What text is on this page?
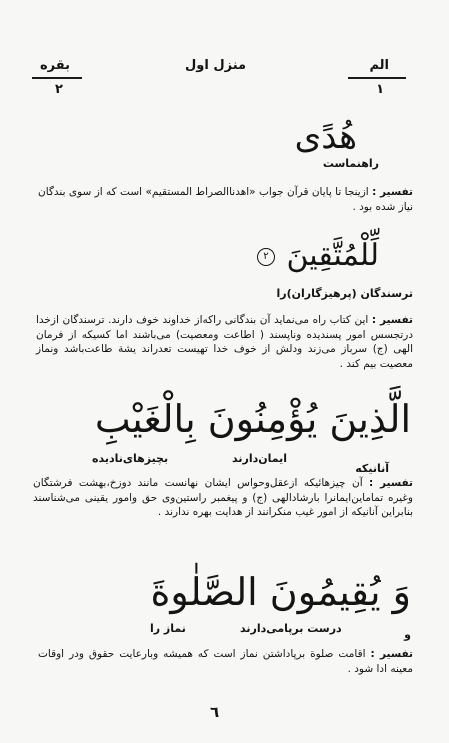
الم
منزل اول
بقره
١
٢
هُدًى
راهنماست
تفسير : ازينجا تا پايان قرآن جواب «اهدناالصراط المستقيم» است كه از سوى بندگان نياز شده بود .
لِّلْمُتَّقِينَ ٢
ترسندگان (پرهيزگاران)را
تفسير : اين كتاب راه مى‌نمايد آن بندگانى راكه‌از خداوند خوف دارند. ترسندگان ازخدا درتجسس امور پسنديده وناپسند ( اطاعت ومعصيت) مى‌باشند اما كسيكه از فرمان الهى (ج) سرباز مى‌زند ودلش از خوف خدا تهيست تعدراند يشة طاعت‌باشد و‌نماز معصيت بيم كند .
الَّذِينَ يُؤْمِنُونَ بِالْغَيْبِ
آنانيكه
ايمان‌دارند
بچيزهاى‌ناديده
تفسير : آن چيزهائيكه ازعقل‌وحواس ايشان نهانست مانند دوزخ،بهشت فرشتگان وغيره تماماين‌ايمانرا بارشادالهى (ج) و پيغمبر راستين‌وى حق وامور يقينى مى‌شناسند بنابراين آنانيكه از امور غيب منكرانند از هدايت بهره ندارند .
وَ يُقِيمُونَ الصَّلٰوةَ
و
درست برپامى‌دارند
نماز را
تفسير : اقامت صلوة برپاداشتن نماز است كه هميشه وبارعايت حقوق ودر اوقات معينه ادا شود .
٦
